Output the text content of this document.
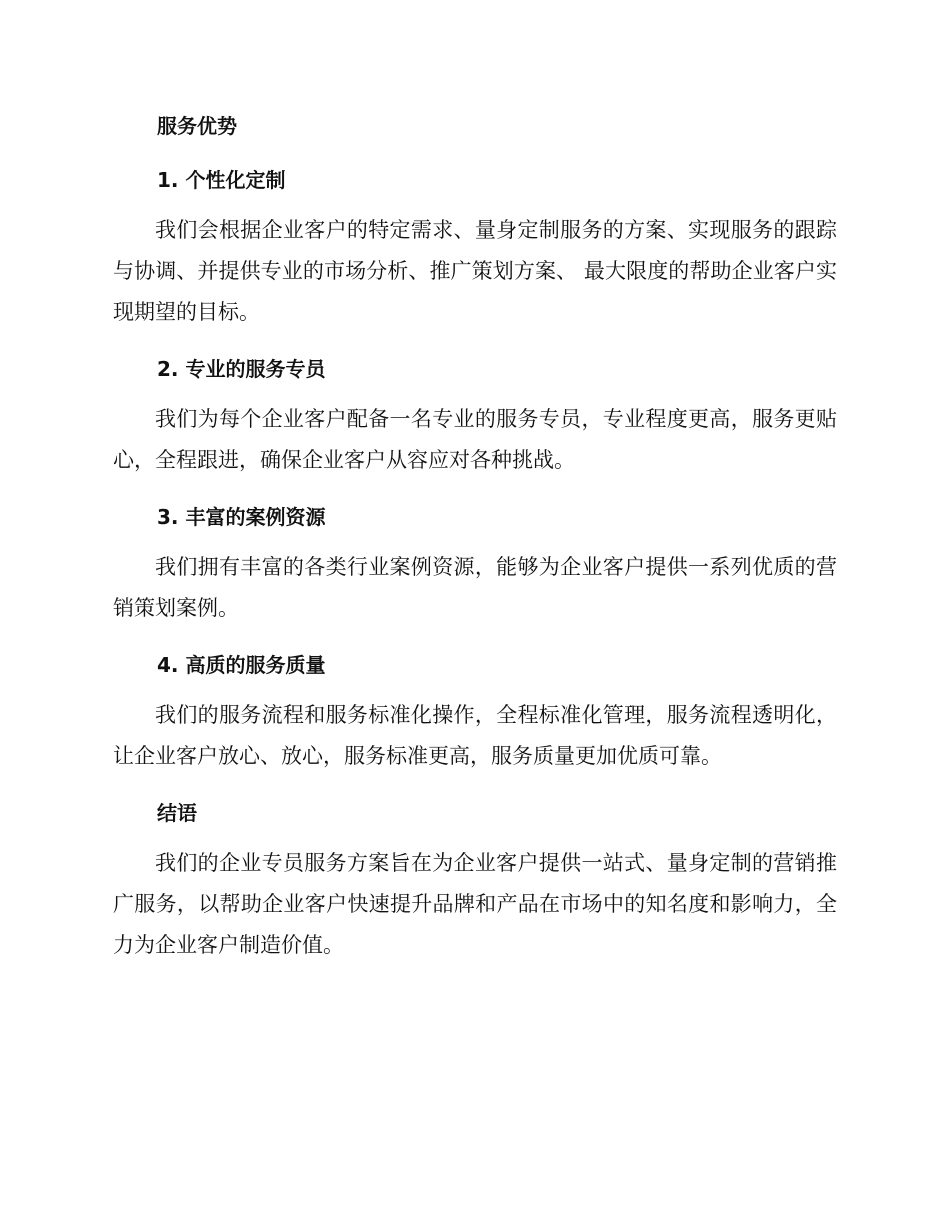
服务优势
1. 个性化定制

我们会根据企业客户的特定需求、量身定制服务的方案、实现服务的跟踪与协调、并提供专业的市场分析、推广策划方案、 最大限度的帮助企业客户实现期望的目标。

2. 专业的服务专员

我们为每个企业客户配备一名专业的服务专员，专业程度更高，服务更贴心，全程跟进，确保企业客户从容应对各种挑战。

3. 丰富的案例资源

我们拥有丰富的各类行业案例资源，能够为企业客户提供一系列优质的营销策划案例。

4. 高质的服务质量

我们的服务流程和服务标准化操作，全程标准化管理，服务流程透明化，让企业客户放心、放心，服务标准更高，服务质量更加优质可靠。

结语

我们的企业专员服务方案旨在为企业客户提供一站式、量身定制的营销推广服务，以帮助企业客户快速提升品牌和产品在市场中的知名度和影响力，全力为企业客户制造价值。
